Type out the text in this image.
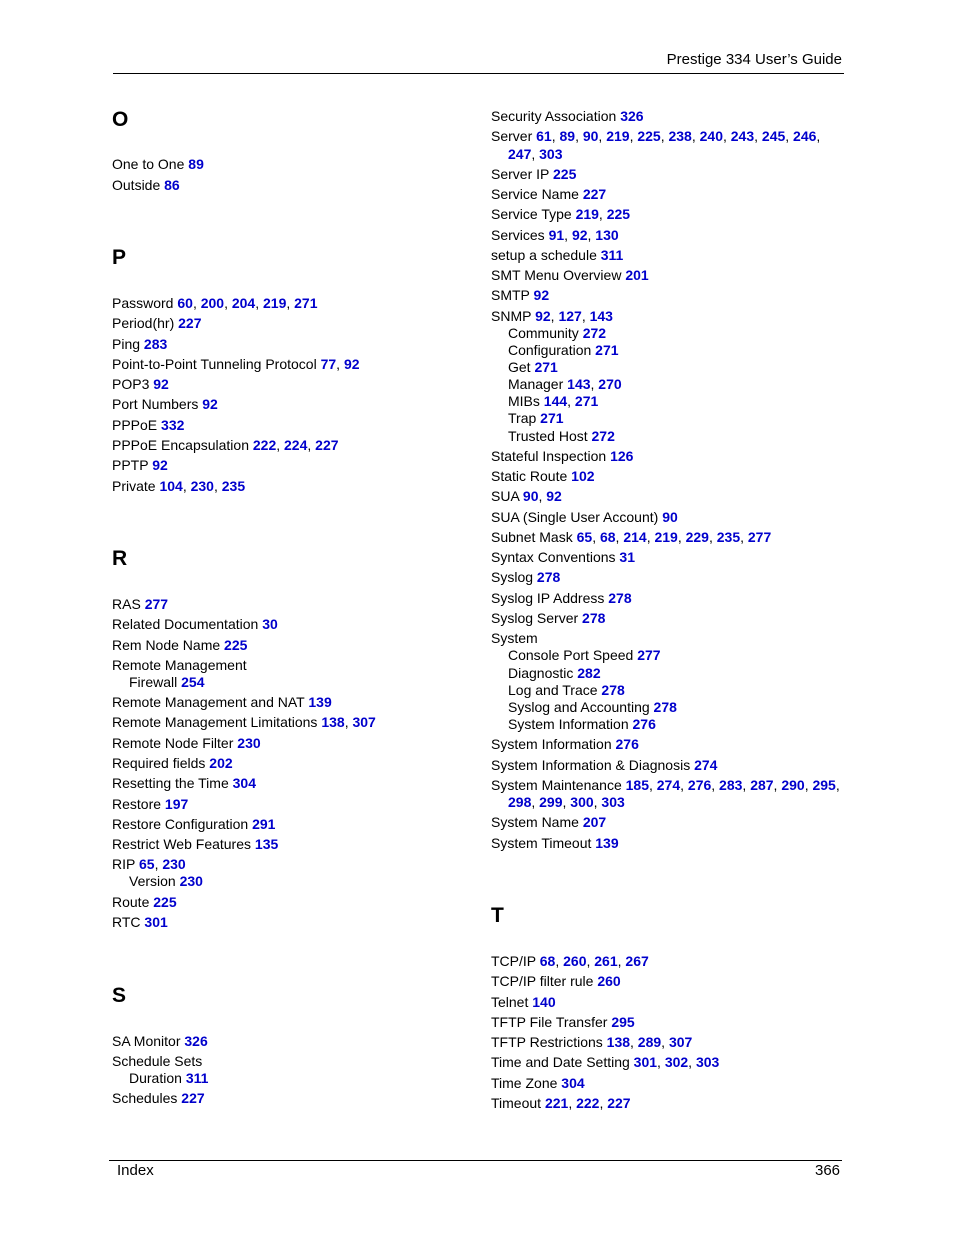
Prestige 334 User’s Guide
O
One to One 89
Outside 86
P
Password 60, 200, 204, 219, 271
Period(hr) 227
Ping 283
Point-to-Point Tunneling Protocol 77, 92
POP3 92
Port Numbers 92
PPPoE 332
PPPoE Encapsulation 222, 224, 227
PPTP 92
Private 104, 230, 235
R
RAS 277
Related Documentation 30
Rem Node Name 225
Remote Management
Firewall 254
Remote Management and NAT 139
Remote Management Limitations 138, 307
Remote Node Filter 230
Required fields 202
Resetting the Time 304
Restore 197
Restore Configuration 291
Restrict Web Features 135
RIP 65, 230
Version 230
Route 225
RTC 301
S
SA Monitor 326
Schedule Sets
Duration 311
Schedules 227
Security Association 326
Server 61, 89, 90, 219, 225, 238, 240, 243, 245, 246,
247, 303
Server IP 225
Service Name 227
Service Type 219, 225
Services 91, 92, 130
setup a schedule 311
SMT Menu Overview 201
SMTP 92
SNMP 92, 127, 143
Community 272
Configuration 271
Get 271
Manager 143, 270
MIBs 144, 271
Trap 271
Trusted Host 272
Stateful Inspection 126
Static Route 102
SUA 90, 92
SUA (Single User Account) 90
Subnet Mask 65, 68, 214, 219, 229, 235, 277
Syntax Conventions 31
Syslog 278
Syslog IP Address 278
Syslog Server 278
System
Console Port Speed 277
Diagnostic 282
Log and Trace 278
Syslog and Accounting 278
System Information 276
System Information 276
System Information & Diagnosis 274
System Maintenance 185, 274, 276, 283, 287, 290, 295,
298, 299, 300, 303
System Name 207
System Timeout 139
T
TCP/IP 68, 260, 261, 267
TCP/IP filter rule 260
Telnet 140
TFTP File Transfer 295
TFTP Restrictions 138, 289, 307
Time and Date Setting 301, 302, 303
Time Zone 304
Timeout 221, 222, 227
Index	366
